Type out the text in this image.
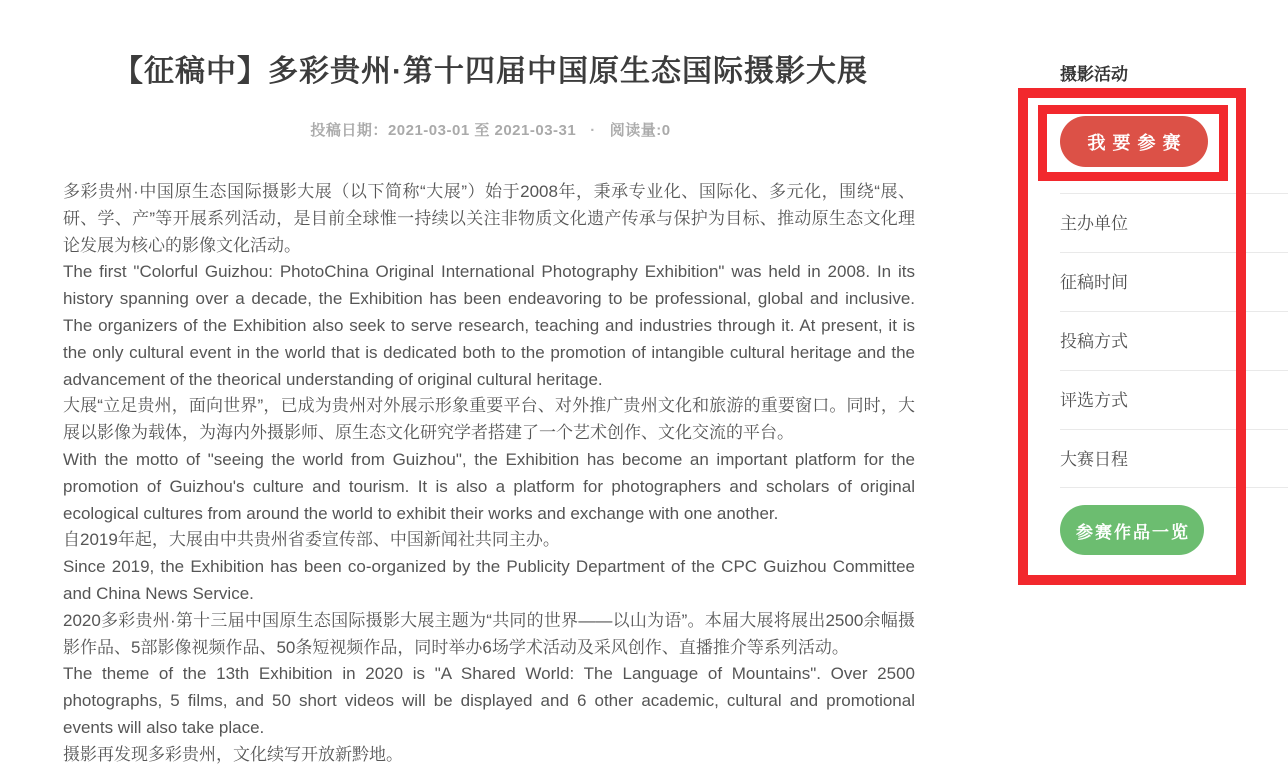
【征稿中】多彩贵州·第十四届中国原生态国际摄影大展
投稿日期：2021-03-01 至 2021-03-31 · 阅读量:0

多彩贵州·中国原生态国际摄影大展（以下简称“大展”）始于2008年，秉承专业化、国际化、多元化，围绕“展、研、学、产”等开展系列活动，是目前全球惟一持续以关注非物质文化遗产传承与保护为目标、推动原生态文化理论发展为核心的影像文化活动。

The first "Colorful Guizhou: PhotoChina Original International Photography Exhibition" was held in 2008. In its history spanning over a decade, the Exhibition has been endeavoring to be professional, global and inclusive. The organizers of the Exhibition also seek to serve research, teaching and industries through it. At present, it is the only cultural event in the world that is dedicated both to the promotion of intangible cultural heritage and the advancement of the theorical understanding of original cultural heritage.

大展“立足贵州，面向世界”，已成为贵州对外展示形象重要平台、对外推广贵州文化和旅游的重要窗口。同时，大展以影像为载体，为海内外摄影师、原生态文化研究学者搭建了一个艺术创作、文化交流的平台。

With the motto of "seeing the world from Guizhou", the Exhibition has become an important platform for the promotion of Guizhou's culture and tourism. It is also a platform for photographers and scholars of original ecological cultures from around the world to exhibit their works and exchange with one another.

自2019年起，大展由中共贵州省委宣传部、中国新闻社共同主办。

Since 2019, the Exhibition has been co-organized by the Publicity Department of the CPC Guizhou Committee and China News Service.

2020多彩贵州·第十三届中国原生态国际摄影大展主题为“共同的世界——以山为语”。本届大展将展出2500余幅摄影作品、5部影像视频作品、50条短视频作品，同时举办6场学术活动及采风创作、直播推介等系列活动。

The theme of the 13th Exhibition in 2020 is "A Shared World: The Language of Mountains". Over 2500 photographs, 5 films, and 50 short videos will be displayed and 6 other academic, cultural and promotional events will also take place.

摄影再发现多彩贵州，文化续写开放新黔地。

摄影活动
我要参赛
主办单位
征稿时间
投稿方式
评选方式
大赛日程
参赛作品一览
